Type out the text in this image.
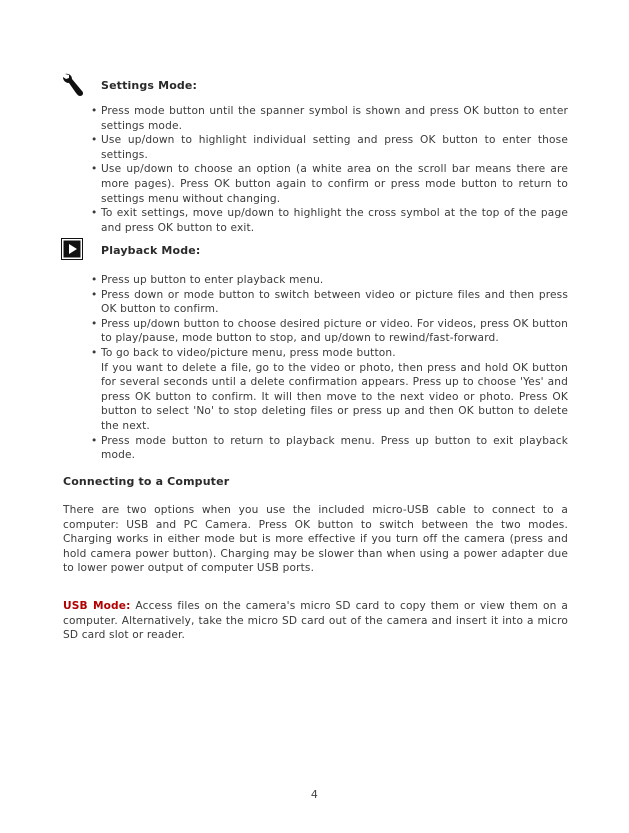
Settings Mode:
• Press mode button until the spanner symbol is shown and press OK button to enter settings mode.
• Use up/down to highlight individual setting and press OK button to enter those settings.
• Use up/down to choose an option (a white area on the scroll bar means there are more pages). Press OK button again to confirm or press mode button to return to settings menu without changing.
• To exit settings, move up/down to highlight the cross symbol at the top of the page and press OK button to exit.
Playback Mode:
• Press up button to enter playback menu.
• Press down or mode button to switch between video or picture files and then press OK button to confirm.
• Press up/down button to choose desired picture or video. For videos, press OK button to play/pause, mode button to stop, and up/down to rewind/fast-forward.
• To go back to video/picture menu, press mode button.
If you want to delete a file, go to the video or photo, then press and hold OK button for several seconds until a delete confirmation appears. Press up to choose 'Yes' and press OK button to confirm. It will then move to the next video or photo. Press OK button to select 'No' to stop deleting files or press up and then OK button to delete the next.
• Press mode button to return to playback menu. Press up button to exit playback mode.
Connecting to a Computer

There are two options when you use the included micro-USB cable to connect to a computer: USB and PC Camera. Press OK button to switch between the two modes. Charging works in either mode but is more effective if you turn off the camera (press and hold camera power button). Charging may be slower than when using a power adapter due to lower power output of computer USB ports.

USB Mode: Access files on the camera's micro SD card to copy them or view them on a computer. Alternatively, take the micro SD card out of the camera and insert it into a micro SD card slot or reader.

4
